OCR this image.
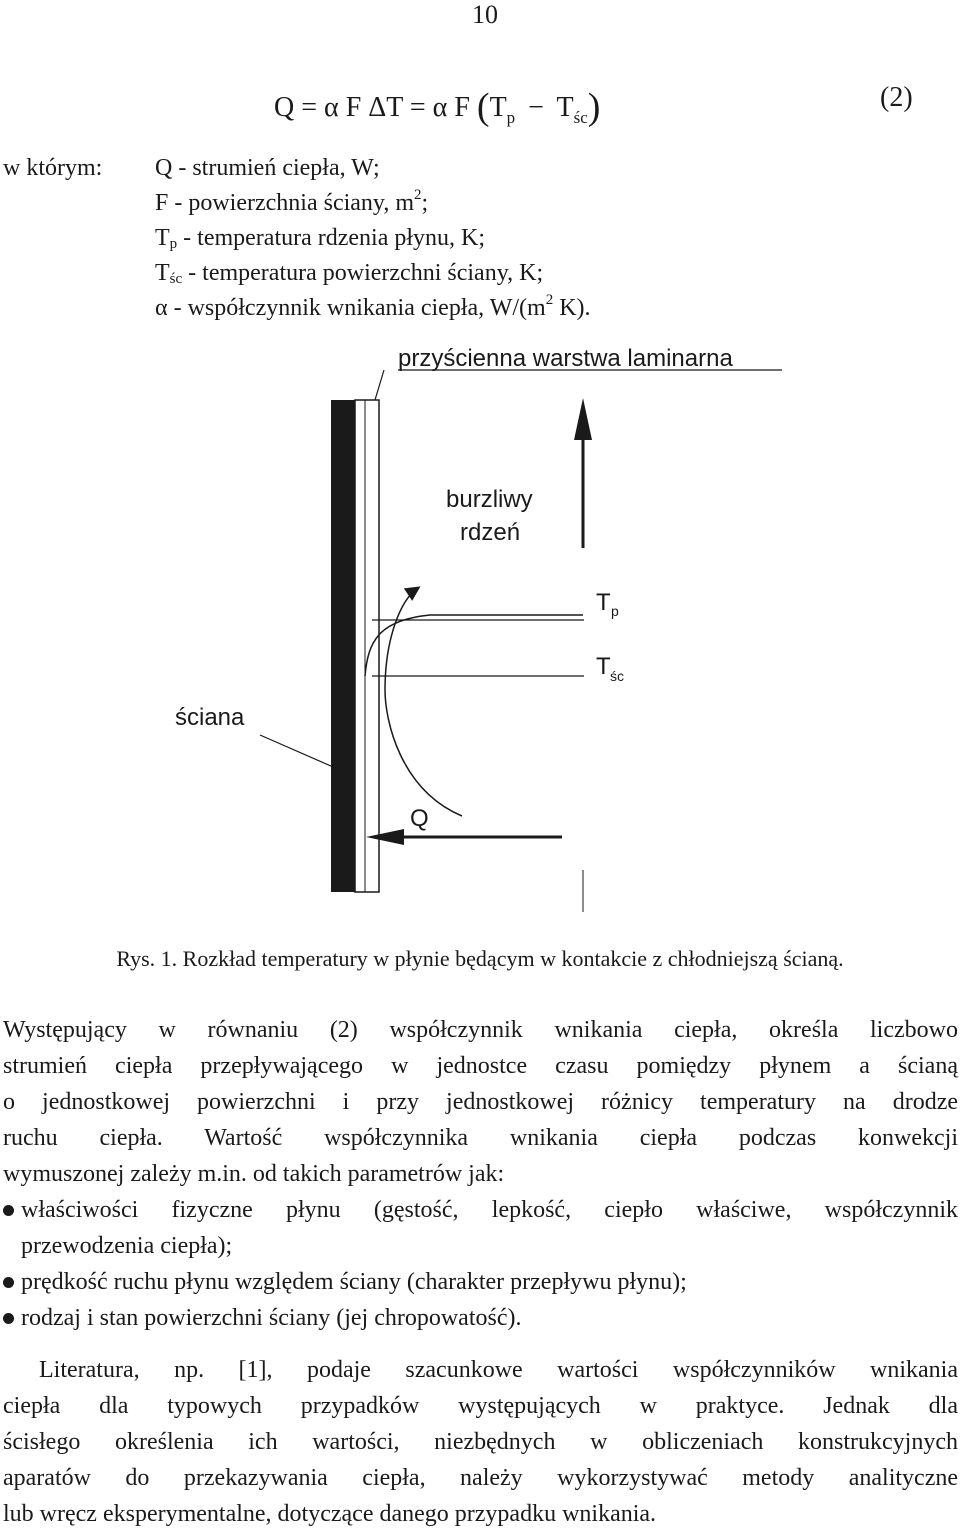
10
Q = α F ΔT = α F $(T_p - T_{śc})$	(2)
w którym: Q - strumień ciepła, W;
F - powierzchnia ściany, $m^2$;
Tp - temperatura rdzenia płynu, K;
Tśc - temperatura powierzchni ściany, K;
α - współczynnik wnikania ciepła, $W/(m^2$ K).
przyścienna warstwa laminarna
burzliwy
rdzeń
T p
T śc
ściana
Q
Rys. 1. Rozkład temperatury w płynie będącym w kontakcie z chłodniejszą ścianą.
Występujący w równaniu (2) współczynnik wnikania ciepła, określa liczbowo
strumień ciepła przepływającego w jednostce czasu pomiędzy płynem a ścianą
o jednostkowej powierzchni i przy jednostkowej różnicy temperatury na drodze
ruchu ciepła. Wartość współczynnika wnikania ciepła podczas konwekcji
wymuszonej zależy m.in. od takich parametrów jak:
właściwości fizyczne płynu (gęstość, lepkość, ciepło właściwe, współczynnik
przewodzenia ciepła);
prędkość ruchu płynu względem ściany (charakter przepływu płynu);
rodzaj i stan powierzchni ściany (jej chropowatość).
Literatura, np. [1], podaje szacunkowe wartości współczynników wnikania
ciepła dla typowych przypadków występujących w praktyce. Jednak dla
ścisłego określenia ich wartości, niezbędnych w obliczeniach konstrukcyjnych
aparatów do przekazywania ciepła, należy wykorzystywać metody analityczne
lub wręcz eksperymentalne, dotyczące danego przypadku wnikania.
